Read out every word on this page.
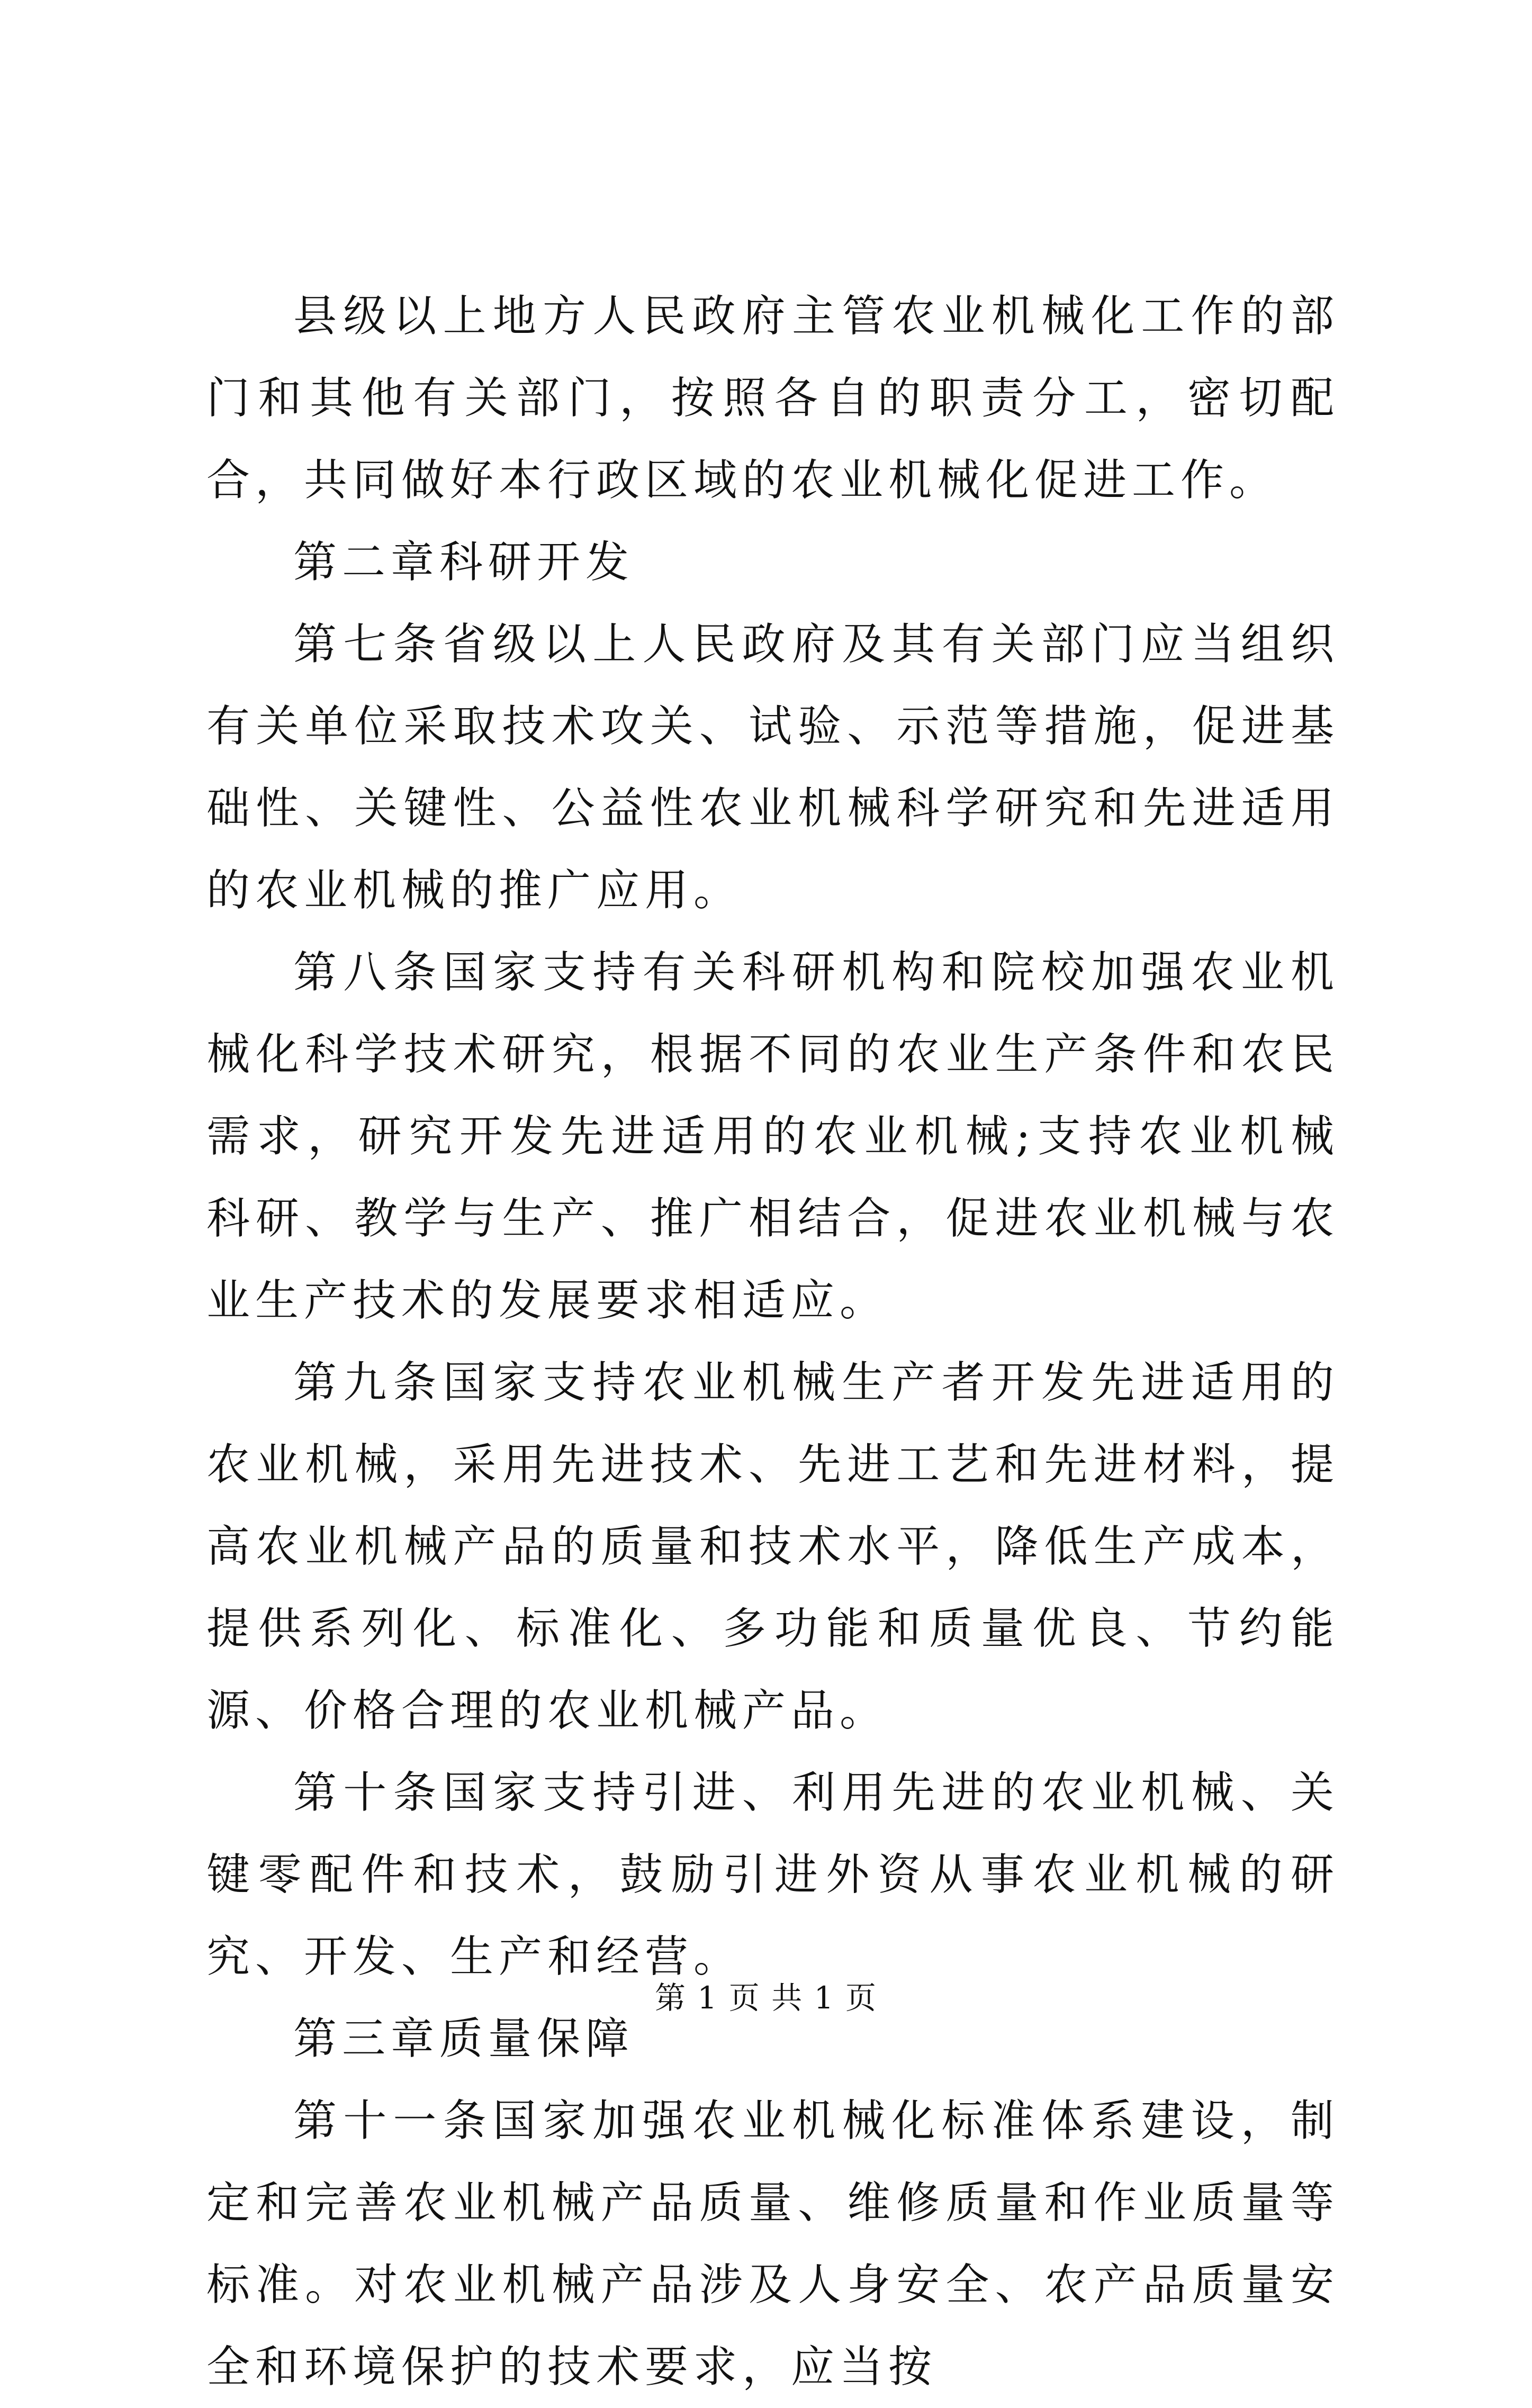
县级以上地方人民政府主管农业机械化工作的部门和其他有关部门，按照各自的职责分工，密切配合，共同做好本行政区域的农业机械化促进工作。

第二章科研开发

第七条省级以上人民政府及其有关部门应当组织有关单位采取技术攻关、试验、示范等措施，促进基础性、关键性、公益性农业机械科学研究和先进适用的农业机械的推广应用。

第八条国家支持有关科研机构和院校加强农业机械化科学技术研究，根据不同的农业生产条件和农民需求，研究开发先进适用的农业机械;支持农业机械科研、教学与生产、推广相结合，促进农业机械与农业生产技术的发展要求相适应。

第九条国家支持农业机械生产者开发先进适用的农业机械，采用先进技术、先进工艺和先进材料，提高农业机械产品的质量和技术水平，降低生产成本，提供系列化、标准化、多功能和质量优良、节约能源、价格合理的农业机械产品。

第十条国家支持引进、利用先进的农业机械、关键零配件和技术，鼓励引进外资从事农业机械的研究、开发、生产和经营。

第三章质量保障

第十一条国家加强农业机械化标准体系建设，制定和完善农业机械产品质量、维修质量和作业质量等标准。对农业机械产品涉及人身安全、农产品质量安全和环境保护的技术要求，应当按

第 1 页 共 1 页
